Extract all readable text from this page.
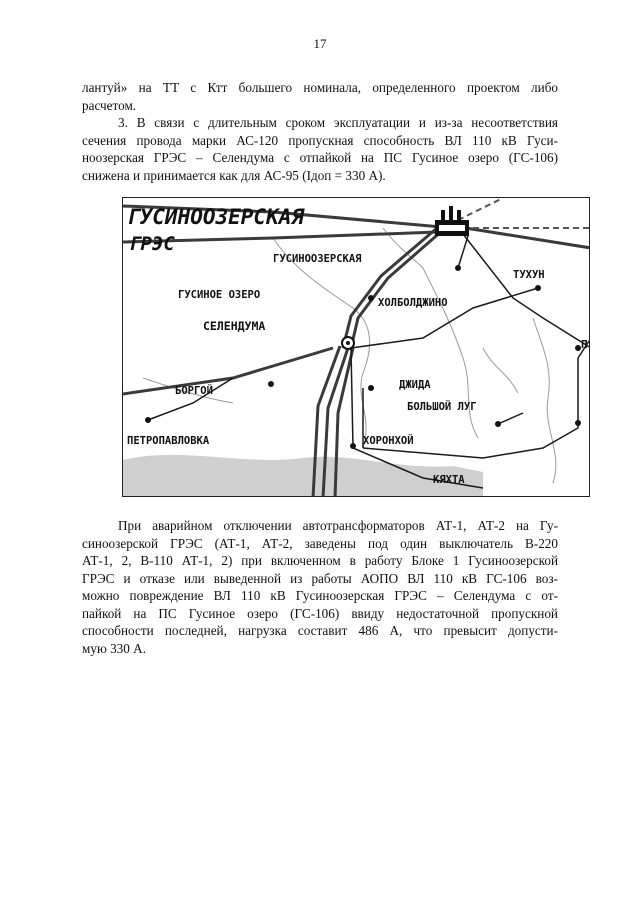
17
лантуй» на ТТ с Ктт большего номинала, определенного проектом либо
расчетом.
3. В связи с длительным сроком эксплуатации и из-за несоответствия
сечения провода марки АС-120 пропускная способность ВЛ 110 кВ Гуси-
ноозерская ГРЭС – Селендума с отпайкой на ПС Гусиное озеро (ГС-106)
снижена и принимается как для АС-95 (Iдоп = 330 А).
ГУСИНООЗЕРСКАЯ
ГРЭС
ГУСИНООЗЕРСКАЯ
ТУХУН
ГУСИНОЕ ОЗЕРО
ХОЛБОЛДЖИНО
СЕЛЕНДУМА
П
БОРГОЙ	ДЖИДА
БОЛЬШОЙ ЛУГ
ПЕТРОПАВЛОВКА	ХОРОНХОЙ
КЯХТА
При аварийном отключении автотрансформаторов АТ-1, АТ-2 на Гу-
синоозерской ГРЭС (АТ-1, АТ-2, заведены под один выключатель В-220
АТ-1, 2, В-110 АТ-1, 2) при включенном в работу Блоке 1 Гусиноозерской
ГРЭС и отказе или выведенной из работы АОПО ВЛ 110 кВ ГС-106 воз-
можно повреждение ВЛ 110 кВ Гусиноозерская ГРЭС – Селендума с от-
пайкой на ПС Гусиное озеро (ГС-106) ввиду недостаточной пропускной
способности последней, нагрузка составит 486 А, что превысит допусти-
мую 330 А.
